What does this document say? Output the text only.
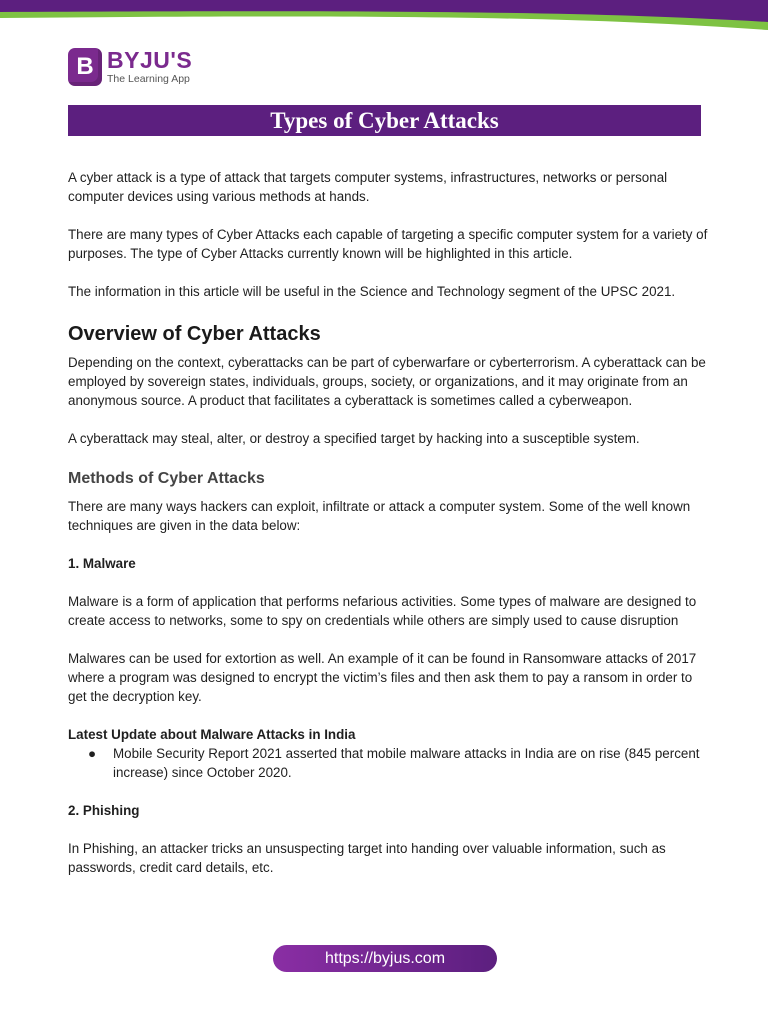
B BYJU'S
The Learning App
Types of Cyber Attacks

A cyber attack is a type of attack that targets computer systems, infrastructures, networks or personal computer devices using various methods at hands.

There are many types of Cyber Attacks each capable of targeting a specific computer system for a variety of purposes. The type of Cyber Attacks currently known will be highlighted in this article.

The information in this article will be useful in the Science and Technology segment of the UPSC 2021.

Overview of Cyber Attacks

Depending on the context, cyberattacks can be part of cyberwarfare or cyberterrorism. A cyberattack can be employed by sovereign states, individuals, groups, society, or organizations, and it may originate from an anonymous source. A product that facilitates a cyberattack is sometimes called a cyberweapon.

A cyberattack may steal, alter, or destroy a specified target by hacking into a susceptible system.

Methods of Cyber Attacks

There are many ways hackers can exploit, infiltrate or attack a computer system. Some of the well known techniques are given in the data below:

1. Malware

Malware is a form of application that performs nefarious activities. Some types of malware are designed to create access to networks, some to spy on credentials while others are simply used to cause disruption

Malwares can be used for extortion as well. An example of it can be found in Ransomware attacks of 2017 where a program was designed to encrypt the victim’s files and then ask them to pay a ransom in order to get the decryption key.

Latest Update about Malware Attacks in India
●	Mobile Security Report 2021 asserted that mobile malware attacks in India are on rise (845 percent increase) since October 2020.
2. Phishing

In Phishing, an attacker tricks an unsuspecting target into handing over valuable information, such as passwords, credit card details, etc.

https://byjus.com
